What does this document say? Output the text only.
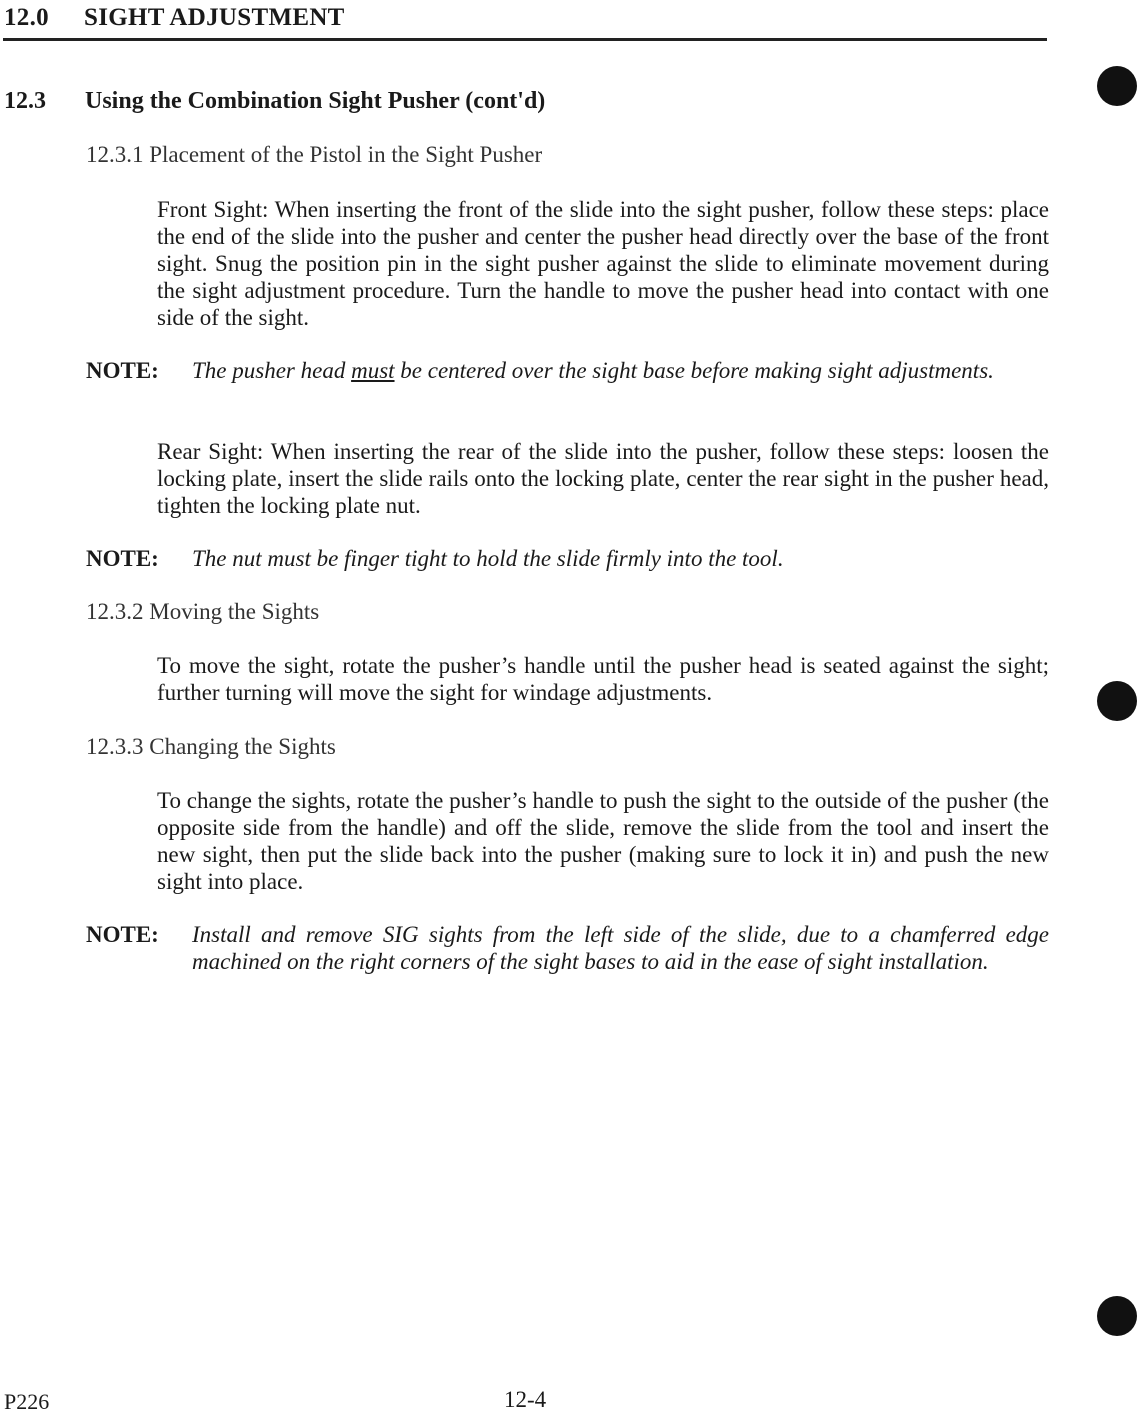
12.0 SIGHT ADJUSTMENT
12.3 Using the Combination Sight Pusher (cont'd)
12.3.1 Placement of the Pistol in the Sight Pusher
Front Sight: When inserting the front of the slide into the sight pusher, follow these steps: place the end of the slide into the pusher and center the pusher head directly over the base of the front sight. Snug the position pin in the sight pusher against the slide to eliminate movement during the sight adjustment procedure. Turn the handle to move the pusher head into contact with one side of the sight.
NOTE: The pusher head must be centered over the sight base before making sight adjustments.
Rear Sight: When inserting the rear of the slide into the pusher, follow these steps: loosen the locking plate, insert the slide rails onto the locking plate, center the rear sight in the pusher head, tighten the locking plate nut.
NOTE: The nut must be finger tight to hold the slide firmly into the tool.
12.3.2 Moving the Sights
To move the sight, rotate the pusher’s handle until the pusher head is seated against the sight; further turning will move the sight for windage adjustments.
12.3.3 Changing the Sights
To change the sights, rotate the pusher’s handle to push the sight to the outside of the pusher (the opposite side from the handle) and off the slide, remove the slide from the tool and insert the new sight, then put the slide back into the pusher (making sure to lock it in) and push the new sight into place.
NOTE: Install and remove SIG sights from the left side of the slide, due to a chamferred edge machined on the right corners of the sight bases to aid in the ease of sight installation.
P226	12-4
